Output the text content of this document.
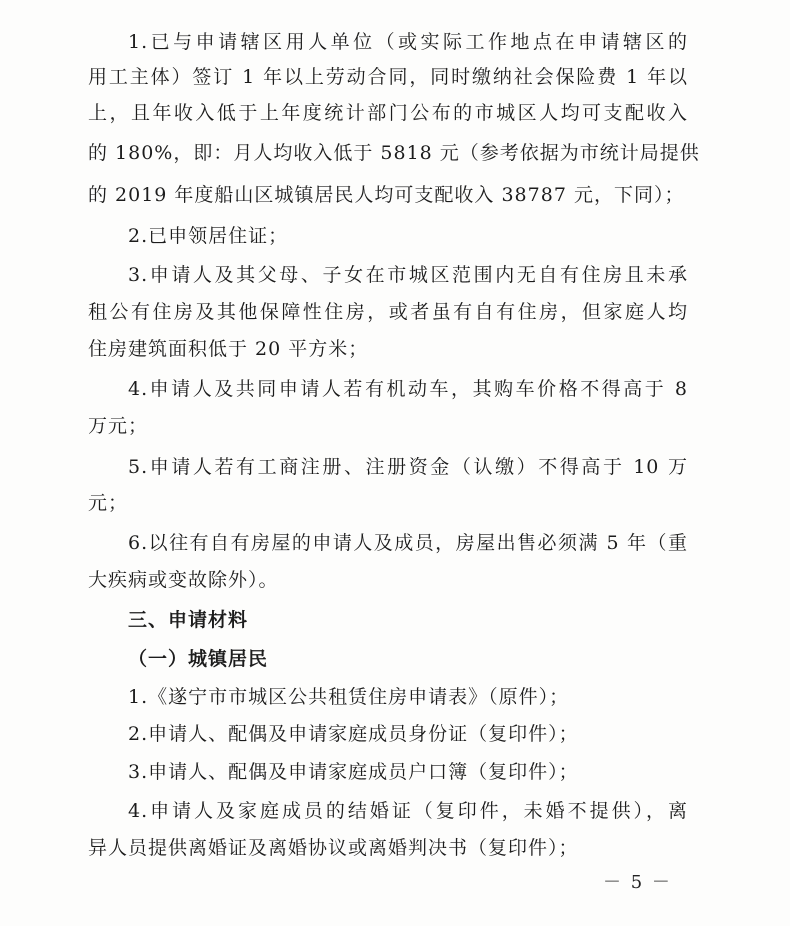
1.已与申请辖区用人单位（或实际工作地点在申请辖区的
用工主体）签订 1 年以上劳动合同，同时缴纳社会保险费 1 年以
上，且年收入低于上年度统计部门公布的市城区人均可支配收入
的 180%，即：月人均收入低于 5818 元（参考依据为市统计局提供
的 2019 年度船山区城镇居民人均可支配收入 38787 元，下同）；
2.已申领居住证；
3.申请人及其父母、子女在市城区范围内无自有住房且未承
租公有住房及其他保障性住房，或者虽有自有住房，但家庭人均
住房建筑面积低于 20 平方米；
4.申请人及共同申请人若有机动车，其购车价格不得高于 8
万元；
5.申请人若有工商注册、注册资金（认缴）不得高于 10 万
元；
6.以往有自有房屋的申请人及成员，房屋出售必须满 5 年（重
大疾病或变故除外）。
三、申请材料
（一）城镇居民
1.《遂宁市市城区公共租赁住房申请表》（原件）；
2.申请人、配偶及申请家庭成员身份证（复印件）；
3.申请人、配偶及申请家庭成员户口簿（复印件）；
4.申请人及家庭成员的结婚证（复印件，未婚不提供），离
异人员提供离婚证及离婚协议或离婚判决书（复印件）；
－ 5 －
